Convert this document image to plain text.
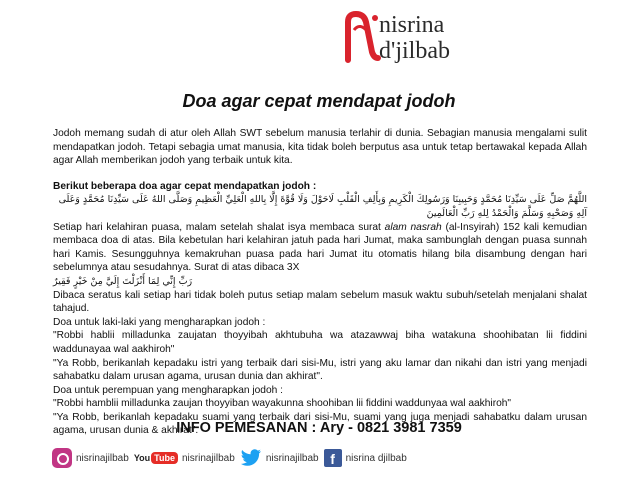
nisrina
d'jilbab
Doa agar cepat mendapat jodoh

Jodoh memang sudah di atur oleh Allah SWT sebelum manusia terlahir di dunia. Sebagian manusia mengalami sulit mendapatkan jodoh. Tetapi sebagia umat manusia, kita tidak boleh berputus asa untuk tetap bertawakal kepada Allah agar Allah memberikan jodoh yang terbaik untuk kita.

Berikut beberapa doa agar cepat mendapatkan jodoh :

اللَّهُمَّ صَلِّ عَلَى سَيِّدِنَا مُحَمَّدٍ وَحَبِيبِنَا وَرَسُولِكَ الْكَرِيمِ وَبِأَلِفِ الْقَلْبِ لَاحَوْلَ وَلَا قُوَّةَ إِلَّا بِاللهِ الْعَلِيِّ الْعَظِيمِ وَصَلَّى اللهُ عَلَى سَيِّدِنَا مُحَمَّدٍ وَعَلَى آلِهِ وَصَحْبِهِ وَسَلَّمَ وَالْحَمْدُ لِلهِ رَبِّ الْعَالَمِينَ

Setiap hari kelahiran puasa, malam setelah shalat isya membaca surat alam nasrah (al-Insyirah) 152 kali kemudian membaca doa di atas. Bila kebetulan hari kelahiran jatuh pada hari Jumat, maka sambunglah dengan puasa sunnah hari Kamis. Sesungguhnya kemakruhan puasa pada hari Jumat itu otomatis hilang bila disambung dengan hari sebelumnya atau sesudahnya. Surat di atas dibaca 3X

رَبِّ إِنِّي لِمَا أَنْزَلْتَ إِلَيَّ مِنْ خَيْرٍ فَقِيرٌ

Dibaca seratus kali setiap hari tidak boleh putus setiap malam sebelum masuk waktu subuh/setelah menjalani shalat tahajud.

Doa untuk laki-laki yang mengharapkan jodoh :

"Robbi hablii milladunka zaujatan thoyyibah akhtubuha wa atazawwaj biha watakuna shoohibatan lii fiddini waddunayaa wal aakhiroh"

"Ya Robb, berikanlah kepadaku istri yang terbaik dari sisi-Mu, istri yang aku lamar dan nikahi dan istri yang menjadi sahabatku dalam urusan agama, urusan dunia dan akhirat".

Doa untuk perempuan yang mengharapkan jodoh :

"Robbi hamblii milladunka zaujan thoyyiban wayakunna shoohiban lii fiddini waddunyaa wal aakhiroh"

"Ya Robb, berikanlah kepadaku suami yang terbaik dari sisi-Mu, suami yang juga menjadi sahabatku dalam urusan agama, urusan dunia & akhirat".

INFO PEMESANAN : Ary - 0821 3981 7359
nisrinajilbab You Tube nisrinajilbab	nisrinajilbab f	nisrina djilbab
